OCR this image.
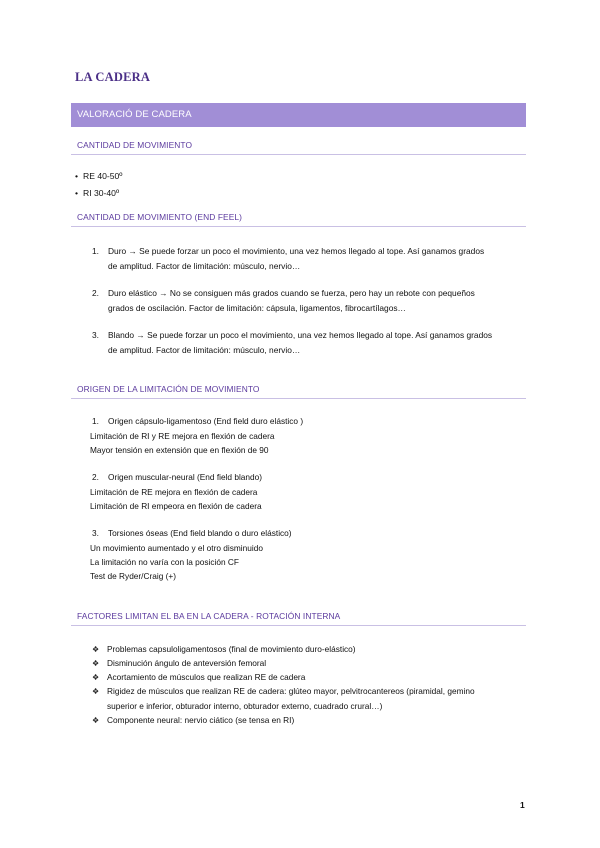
LA CADERA
VALORACIÓ DE CADERA
CANTIDAD DE MOVIMIENTO
• RE 40-50º
• RI 30-40º
CANTIDAD DE MOVIMIENTO (END FEEL)
1. Duro → Se puede forzar un poco el movimiento, una vez hemos llegado al tope. Así ganamos grados
de amplitud. Factor de limitación: músculo, nervio…
2. Duro elástico → No se consiguen más grados cuando se fuerza, pero hay un rebote con pequeños
grados de oscilación. Factor de limitación: cápsula, ligamentos, fibrocartílagos…
3. Blando → Se puede forzar un poco el movimiento, una vez hemos llegado al tope. Así ganamos grados
de amplitud. Factor de limitación: músculo, nervio…
ORIGEN DE LA LIMITACIÓN DE MOVIMIENTO
1. Origen cápsulo-ligamentoso (End field duro elástico )
Limitación de RI y RE mejora en flexión de cadera
Mayor tensión en extensión que en flexión de 90
2. Origen muscular-neural (End field blando)
Limitación de RE mejora en flexión de cadera
Limitación de RI empeora en flexión de cadera
3. Torsiones óseas (End field blando o duro elástico)
Un movimiento aumentado y el otro disminuido
La limitación no varía con la posición CF
Test de Ryder/Craig (+)
FACTORES LIMITAN EL BA EN LA CADERA - ROTACIÓN INTERNA
❖ Problemas capsuloligamentosos (final de movimiento duro-elástico)
❖ Disminución ángulo de anteversión femoral
❖ Acortamiento de músculos que realizan RE de cadera
❖ Rigidez de músculos que realizan RE de cadera: glúteo mayor, pelvitrocantereos (piramidal, gemino
superior e inferior, obturador interno, obturador externo, cuadrado crural…)
❖ Componente neural: nervio ciático (se tensa en RI)
1
